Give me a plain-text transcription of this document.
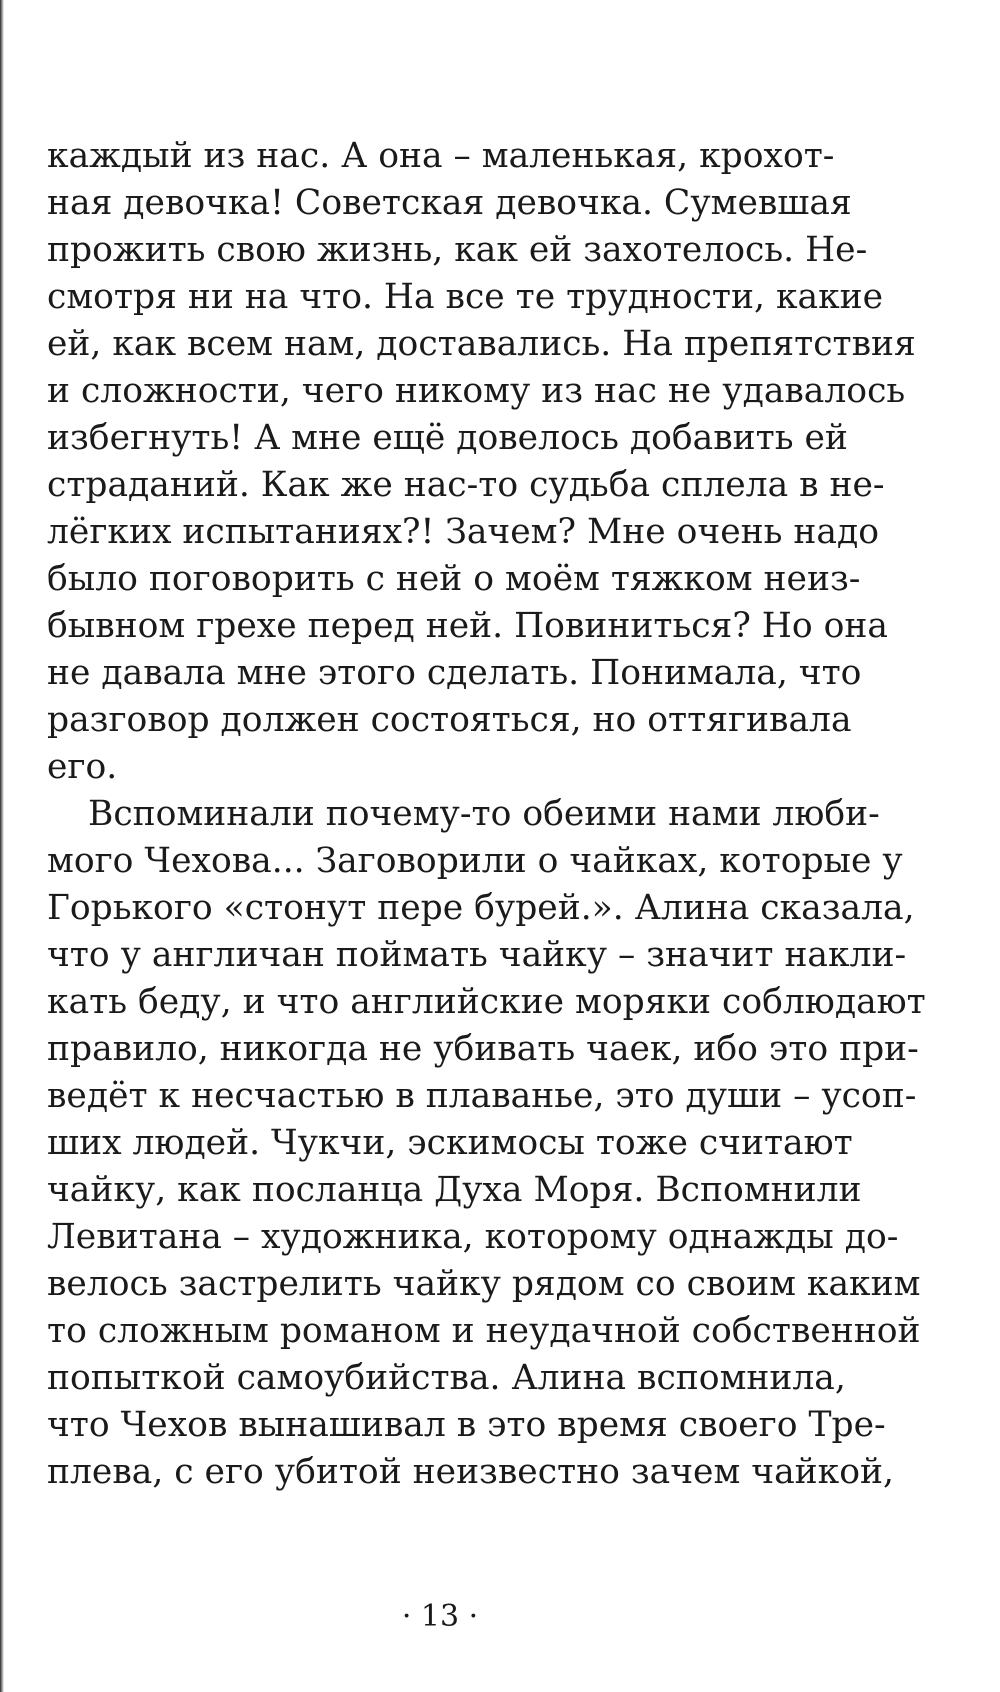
каждый из нас. А она – маленькая, крохот-
ная девочка! Советская девочка. Сумевшая
прожить свою жизнь, как ей захотелось. Не-
смотря ни на что. На все те трудности, какие
ей, как всем нам, доставались. На препятствия
и сложности, чего никому из нас не удавалось
избегнуть! А мне ещё довелось добавить ей
страданий. Как же нас-то судьба сплела в не-
лёгких испытаниях?! Зачем? Мне очень надо
было поговорить с ней о моём тяжком неиз-
бывном грехе перед ней. Повиниться? Но она
не давала мне этого сделать. Понимала, что
разговор должен состояться, но оттягивала
его.
Вспоминали почему-то обеими нами люби-
мого Чехова... Заговорили о чайках, которые у
Горького «стонут пере бурей.». Алина сказала,
что у англичан поймать чайку – значит накли-
кать беду, и что английские моряки соблюдают
правило, никогда не убивать чаек, ибо это при-
ведёт к несчастью в плаванье, это души – усоп-
ших людей. Чукчи, эскимосы тоже считают
чайку, как посланца Духа Моря. Вспомнили
Левитана – художника, которому однажды до-
велось застрелить чайку рядом со своим каким
то сложным романом и неудачной собственной
попыткой самоубийства. Алина вспомнила,
что Чехов вынашивал в это время своего Тре-
плева, с его убитой неизвестно зачем чайкой,
· 13 ·
